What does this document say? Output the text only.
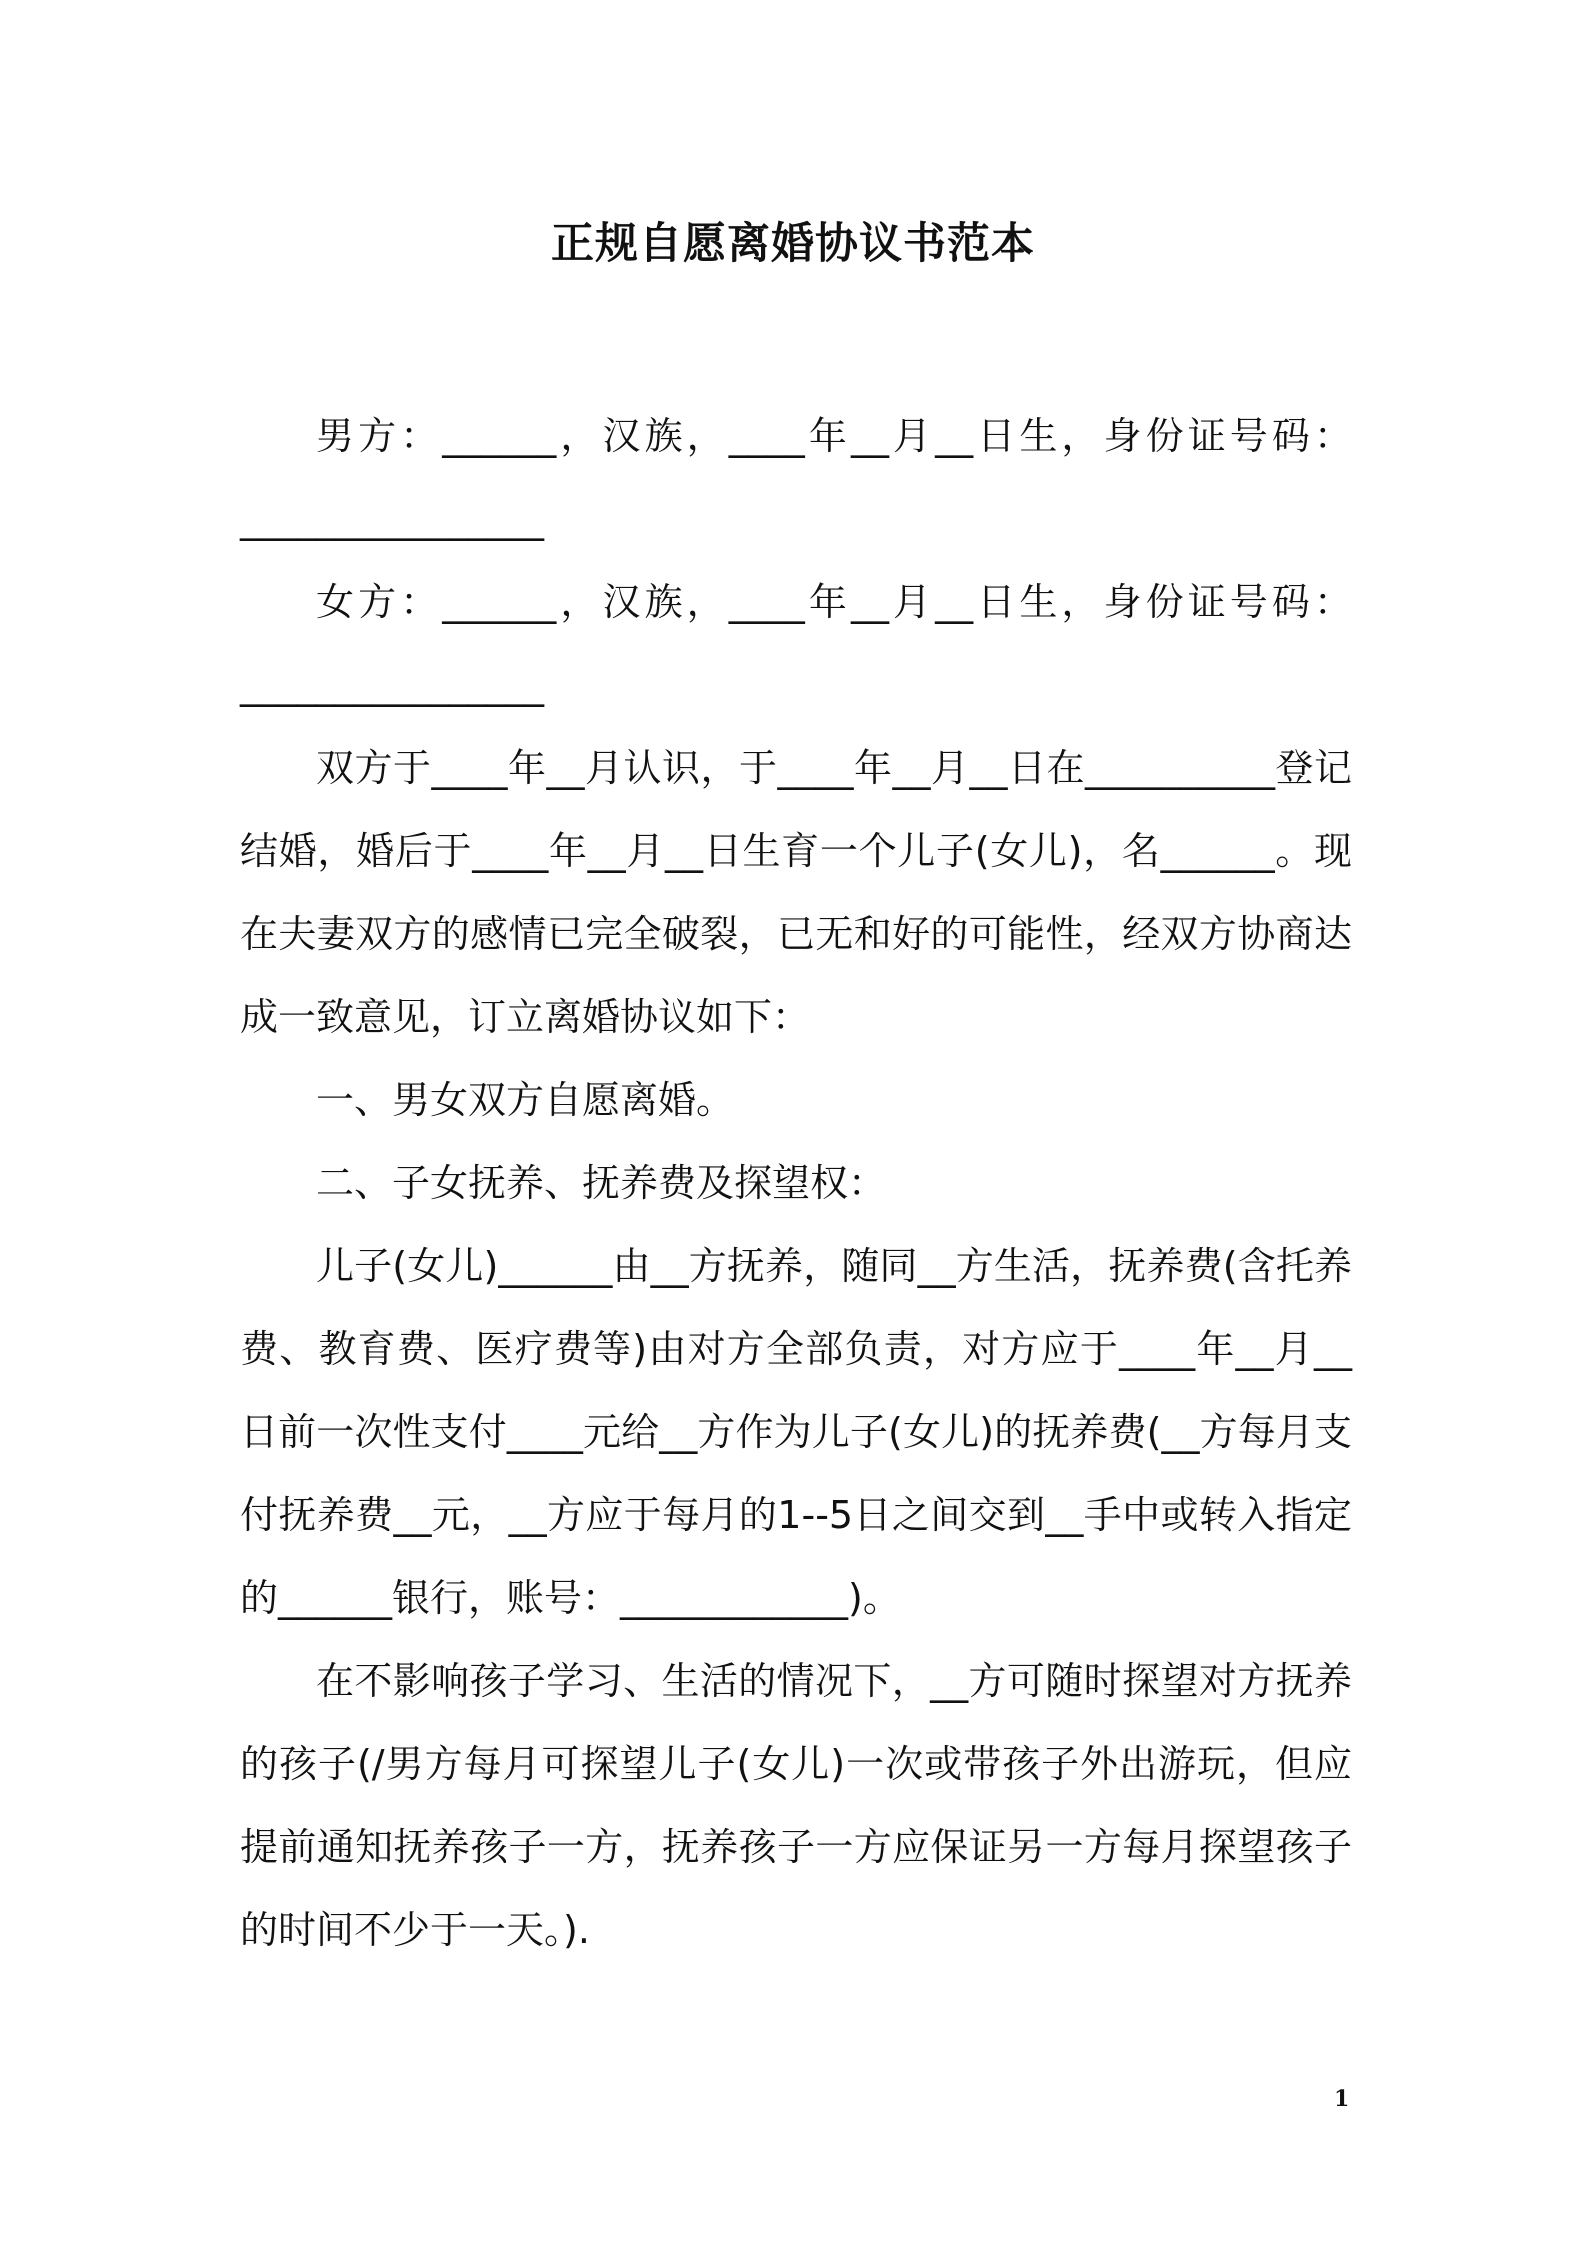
正规自愿离婚协议书范本

男方：______，汉族，____年__月__日生，身份证号码：________________

女方：______，汉族，____年__月__日生，身份证号码：________________

双方于____年__月认识，于____年__月__日在__________登记结婚，婚后于____年__月__日生育一个儿子(女儿)，名______。现在夫妻双方的感情已完全破裂，已无和好的可能性，经双方协商达成一致意见，订立离婚协议如下：

一、男女双方自愿离婚。

二、子女抚养、抚养费及探望权：

儿子(女儿)______由__方抚养，随同__方生活，抚养费(含托养费、教育费、医疗费等)由对方全部负责，对方应于____年__月__日前一次性支付____元给__方作为儿子(女儿)的抚养费(__方每月支付抚养费__元，__方应于每月的1--5日之间交到__手中或转入指定的______银行，账号：____________)。

在不影响孩子学习、生活的情况下，__方可随时探望对方抚养的孩子(/男方每月可探望儿子(女儿)一次或带孩子外出游玩，但应提前通知抚养孩子一方，抚养孩子一方应保证另一方每月探望孩子的时间不少于一天。).

1
